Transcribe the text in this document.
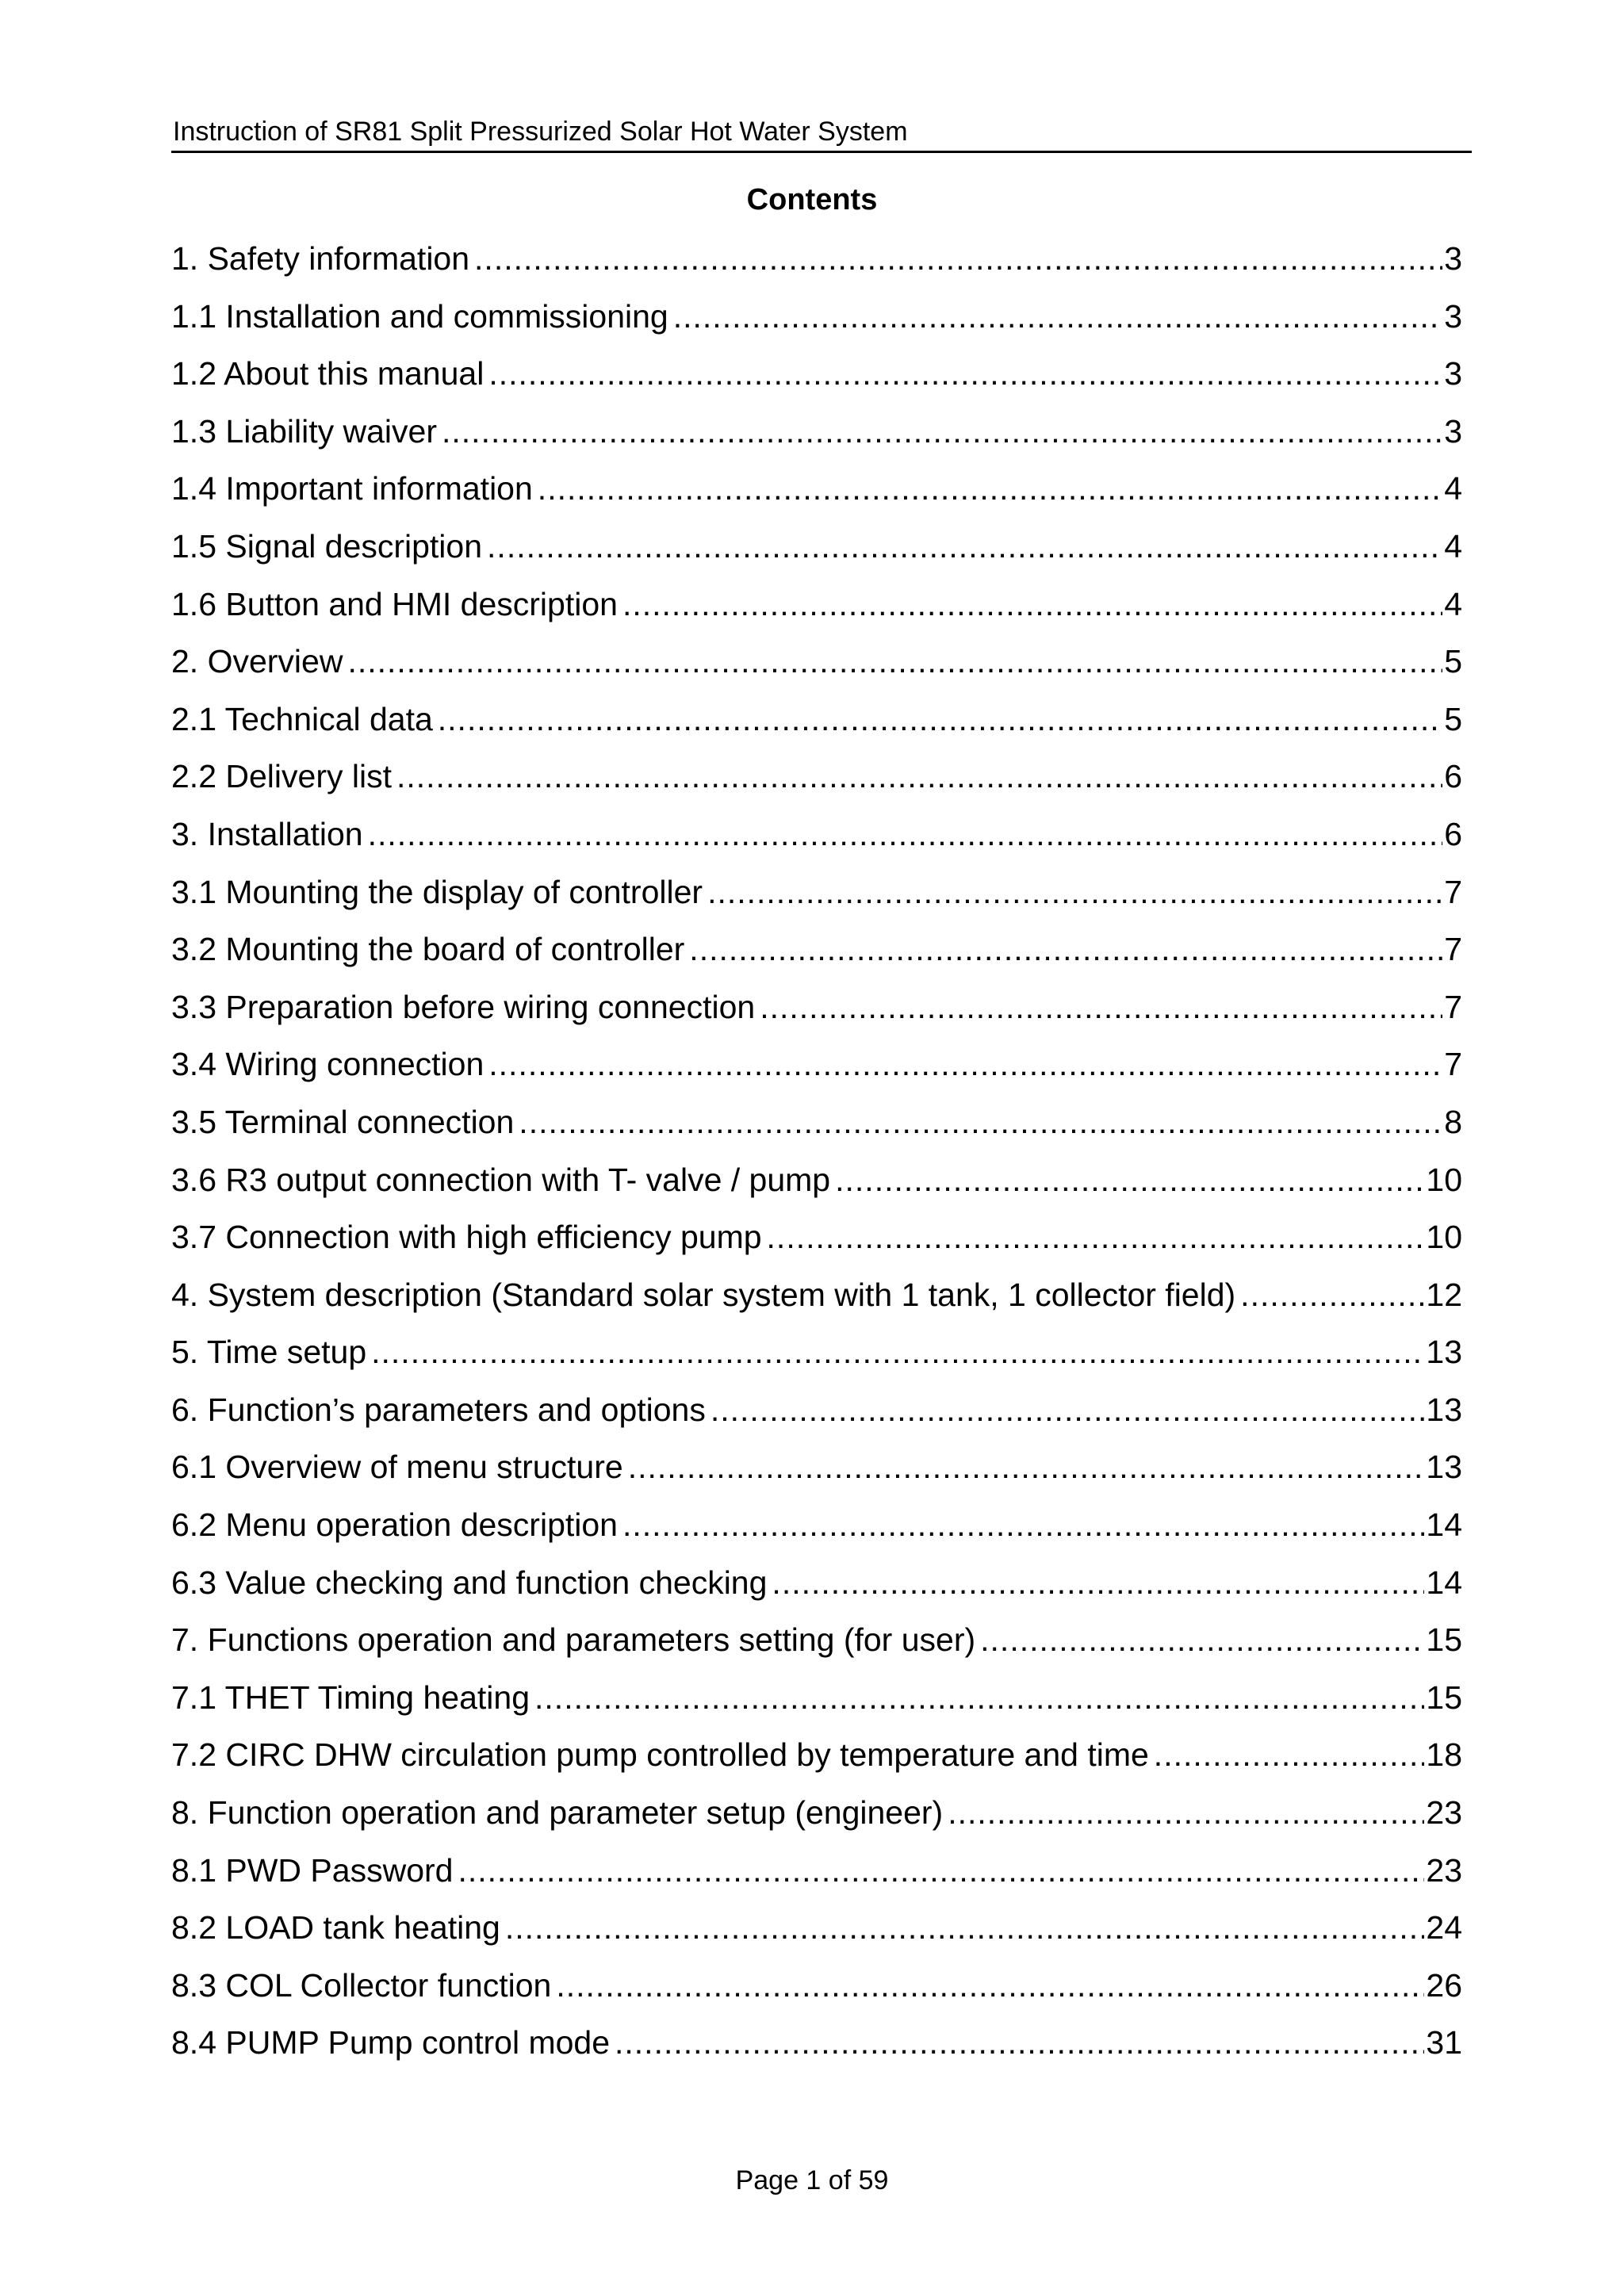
Instruction of SR81 Split Pressurized Solar Hot Water System
Contents
1. Safety information .....	3
1.1 Installation and commissioning .....	3
1.2 About this manual .....	3
1.3 Liability waiver .....	3
1.4 Important information .....	4
1.5 Signal description .....	4
1.6 Button and HMI description .....	4
2. Overview .....	5
2.1 Technical data .....	5
2.2 Delivery list .....	6
3. Installation .....	6
3.1 Mounting the display of controller .....	7
3.2 Mounting the board of controller .....	7
3.3 Preparation before wiring connection .....	7
3.4 Wiring connection .....	7
3.5 Terminal connection .....	8
3.6 R3 output connection with T- valve / pump .....	10
3.7 Connection with high efficiency pump .....	10
4. System description (Standard solar system with 1 tank, 1 collector field) .....	12
5. Time setup .....	13
6. Function’s parameters and options .....	13
6.1 Overview of menu structure .....	13
6.2 Menu operation description .....	14
6.3 Value checking and function checking .....	14
7. Functions operation and parameters setting (for user) .....	15
7.1 THET Timing heating .....	15
7.2 CIRC DHW circulation pump controlled by temperature and time .....	18
8. Function operation and parameter setup (engineer) .....	23
8.1 PWD Password .....	23
8.2 LOAD tank heating .....	24
8.3 COL Collector function .....	26
8.4 PUMP Pump control mode .....	31
Page 1 of 59
